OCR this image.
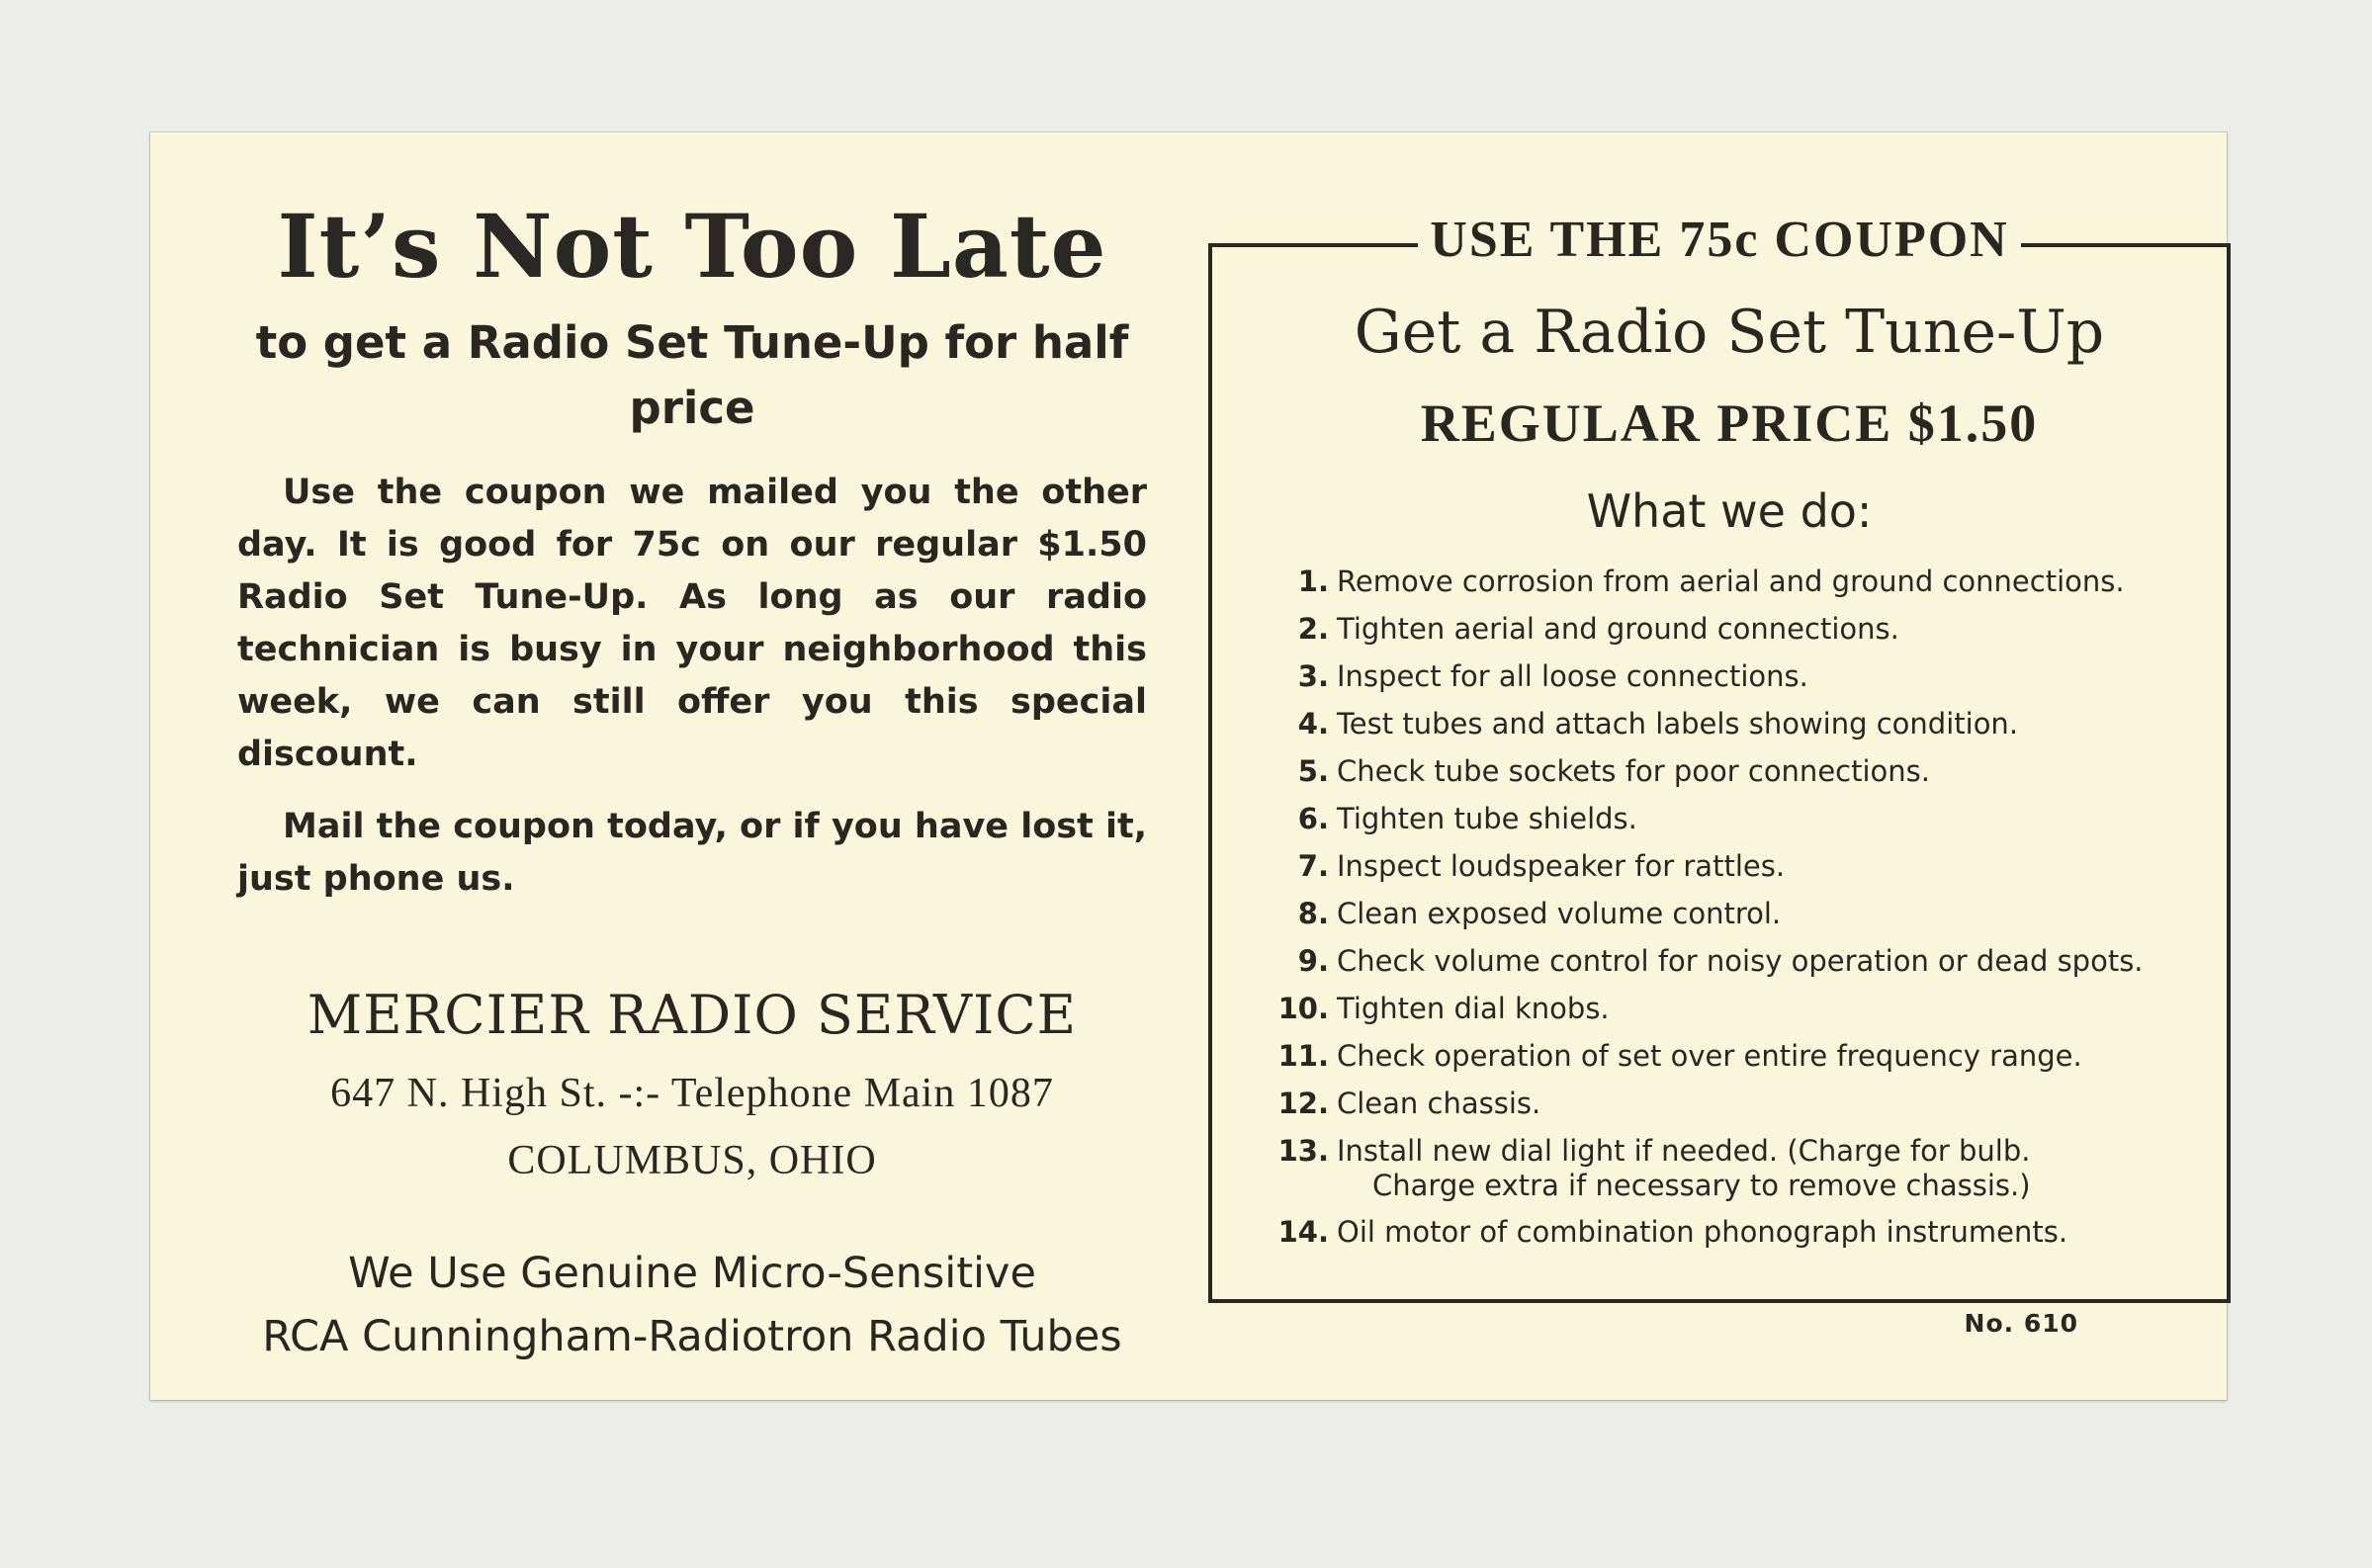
It’s Not Too Late

to get a Radio Set Tune-Up for half price

Use the coupon we mailed you the other day. It is good for 75c on our regular $1.50 Radio Set Tune-Up. As long as our radio technician is busy in your neighborhood this week, we can still offer you this special discount.

Mail the coupon today, or if you have lost it, just phone us.

MERCIER RADIO SERVICE

647 N. High St. -:- Telephone Main 1087

COLUMBUS, OHIO

We Use Genuine Micro-Sensitive
RCA Cunningham-Radiotron Radio Tubes

USE THE 75c COUPON

Get a Radio Set Tune-Up

REGULAR PRICE $1.50

What we do:

1. Remove corrosion from aerial and ground connections.
2. Tighten aerial and ground connections.
3. Inspect for all loose connections.
4. Test tubes and attach labels showing condition.
5. Check tube sockets for poor connections.
6. Tighten tube shields.
7. Inspect loudspeaker for rattles.
8. Clean exposed volume control.
9. Check volume control for noisy operation or dead spots.
10. Tighten dial knobs.
11. Check operation of set over entire frequency range.
12. Clean chassis.
13. Install new dial light if needed. (Charge for bulb.
Charge extra if necessary to remove chassis.)
14. Oil motor of combination phonograph instruments.
No. 610
